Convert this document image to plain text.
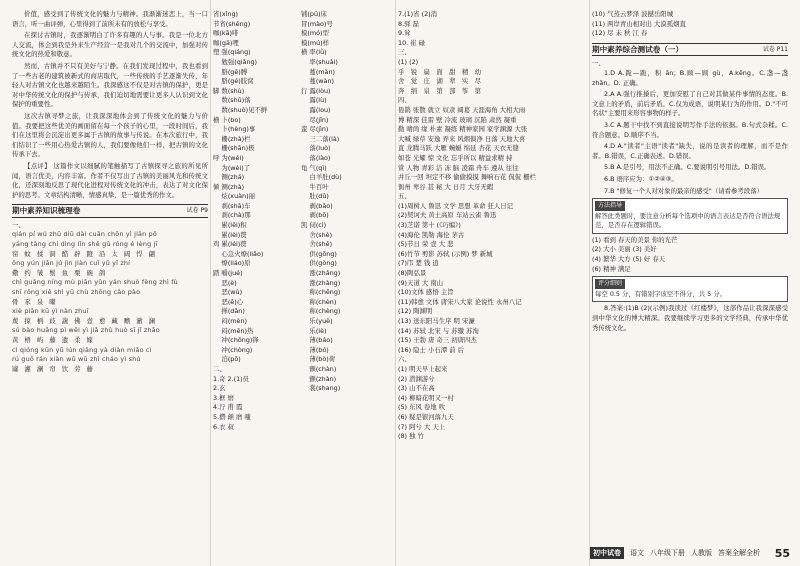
价值，感受到了传统文化的魅力与精神。我渐渐迷恋上，当一口语言，听一曲评弹，心里得到了前所未有的放松与享受。
在探讨古镇时，我逐渐明白了许多有趣的人与事。我是一位北方人交流，体会到我是外来生产经营一是我对几个的交流中，加强对传统文化的热爱和敬意。
然而，古镇并不只有美好与宁静。在我们发现过程中，我也看到了一些古老的建筑被新式的商店取代，一些传统的手艺逐渐失传，年轻人对古镇文化也越来越陌生。我深感这不仅是对古镇的保护，更是对中华传统文化的保护与传承，我们迫切地需要让更多人认识到文化保护的重要性。
这次古镇寻梦之旅，让我深深地体会到了传统文化的魅力与价值。我要把这些优美的画面留在每一个孩子的心里，一段时间后，我们在这里将会沉淀出更多属于古镇的故事与传说。在本次旅行中，我们结识了一些用心热爱古镇的人，我们要像他们一样，把古镇的文化传承下去。
【点评】 这篇作文以细腻的笔触描写了古镇探寻之旅的所见所闻，语言优美，内容丰富。作者不仅写出了古镇的美丽风光和传统文化，还深刻地反思了现代化进程对传统文化的冲击，表达了对文化保护的思考。文章结构清晰，情感真挚，是一篇优秀的作文。
期中素养知识梳理卷	试卷 P9
一、
qián pí wú zhū diū dài cuān chōn yì jiān pō
yáng tāng chí dìng lǐn shě gǔ róng é lèng jī
窑 蚊 揉 洞 酷 辟 蹬 沿 太 阔 悍 翩
ǒng yún jiān jú jìn jiàn cuī yǔ yǐ zhí
儆 约 皱 鬃 鱼 栗 碗 鸽
chì guǎng níng mù piān yǔn yán shuò fèng zhì fù
shī rǒng xiě shì yǔ chù zhōng cǎo pào
骨 豕 泉 曜
xiè piān kū yì nàn zhuī
蔑 掠 柄 歧 蔬 佛 壹 愈 藏 赡 澈 澜
sú bào huāng pì wěi yì jiǎ zhù huò sī jǐ zhāo
黄 梧 屿 藤 遗 柔 嫁
cì qióng kūn yū lún qiāng yà diàn miǎo cì
rú guǒ rán xiàn wǔ wǔ zhì cháo yì shú
窿 灌 澜 帘 饮 劳 藤
省(xǐng)
节省(shěng)
咖(kā)啡
咖(gā)哩
塑 强(qiáng)
　 勉强(qiǎng)
　 胳(gē)膊
　 胳(gé)肢窝
脚 数(shù)
　 数(shǔ)落
　 数(shuò)见不鲜
横 卜(bo)
　 卜(hèng)事
　 栅(zhà)栏
　 栅(shān)极
呼 为(wéi)
　 为(wèi)了
　 铡(zhá)
倾 铡(zhà)
　 炫(xuàn)丽
　 刹(shā)车
　 刹(chà)那
　 累(lěi)积
　 累(lèi)赘
鸡 累(léi)赘
　 心急火燎(liǎo)
　 燎(liáo)原
踏 嚼(jué)
　 恶(è)
　 恶(wù)
　 恶(ě)心
　 掸(dǎn)
　 闷(mèn)
　 闷(mēn)热
　 冲(chōng)锋
　 冲(chòng)
　 泊(pō)
二、
1.奇 2.(1)员
2.玄
3.框 磨
4.泞 甫 霞
5.攒 颠 磨 嗤
6.衣 叔
铺(pū)床
冒(mào)号
模(mó)型
模(mú)样
横 率(lǜ)
　 率(shuài)
　 蔓(màn)
　 蔓(wàn)
行 露(lòu)
　 露(lù)
　 露(lou)
　 尽(jǐn)
蛮 尽(jìn)
　 三二落(là)
　 落(luò)
　 落(lào)
龟 气(qì)
　 白羊肚(dù)
　 牛百叶
　 肚(dǔ)
　 剥(bāo)
　 剥(bō)
凯 伺(cì)
　 舍(shè)
　 舍(shě)
　 供(gōng)
　 供(gòng)
　 涨(zhǎng)
　 涨(zhàng)
　 称(chēng)
　 称(chèn)
　 称(chèng)
　 乐(yuè)
　 乐(lè)
　 薄(báo)
　 薄(bó)
　 薄(bò)荷
　 颤(chàn)
　 颤(zhàn)
　 裳(shang)
7.(1)省 (2)消
8.驿 磊
9.耸
10. 崔 碌
三、
(1) (2)
乎　锐　扁　面　甜　精　幼
舍　觉　庄　湖　辈　实　尽
奔　绢　泉　第　部　筝　第
四、
倦鹊 张散 就立 奴隶 阔葛 天涯海角 大相大雨
博 精深 佳雷 壁 冷流 玻璃 沉陷 肃然 凝重
勤 晴尚 缘 朴素 凝练 精神家园 家学渊源 大张
大喊 绿草 安逸 弄来 风烟俱净 日落 天地大喜
直 龙腾马跃 大雁 蜿蜒 绵延 杏花 天衣无缝
如苍 光耀 惊 文化 忘乎所以 精益求精 持
赏 人物 青彩 洁 冻 脑 凌霜 舟车 遵从 往往
并丘一回 坦定不移 偷偷摸摸 舞响石花 侃侃 栅栏
衙州 卑谷 甚 秘 大 日月 大牙无暇
五、
(1)周树人 鲁迅 文学 思想 革命 狂人日记
(2)契诃夫 黄土高原 车站云雀 鲁迅
(3)芝诺 第十 (《巧编》)
(4)海伦 凯勒 海伦 茅古
(5)节日 荣 壹 大 悲
(6)竹节 剪影 苏轼 (示例) 梦 新城
(7)邝 楚 钱 逍
(8)陶弘景
(9)天道 大 南山
(10)文体 感悟 主旨
(11)韩愈 文体 唐宋八大家 论说性 永州八记
(12) 陶渊明
(13) 送东阳马生序 明 宋濂
(14) 苏轼 北宋 与 苏辙 苏洵
(15) 王勃 唐 奇三 初唐四杰
(16) 隐士 小石潭 前 后
六、
(1) 明天早上起来
(2) 潜渊游兮
(3) 山不在高
(4) 柳暗花明又一村
(5) 东风 卷地 吹
(6) 疑是银河落九天
(7) 阿兮 大 天上
(8) 独 竹
(10) 气蒸云梦泽 波撼岳阳城
(11) 两岸青山相对出 大漠孤烟直
(12) 尽 未 秋 江 春
期中素养综合测试卷（一）	试卷 P11
一、
1.D A.跪—跪，积 ān；B.顾—顾 gù，A.kēng。C.盏—盏 zhǎn。D. 正确。
2.A A.强行推搡后，更加安慰了自己对其做某件事情的态度。B.文意上的矛盾，前后矛盾。C.仅为成语，说明某行为的作用。D."不可名状"主要用来形容事物的样子。
3.C A.题干中找不到直接说明写作手法的依据。B.句式杂糅。C.符合题意。D.顺序不当。
4.D A."读者"主语"读者"缺失，说的是读者的理解，而不是作者。B.错误，C.正确表述。D.错误。
5.B A.是引号，用法不正确。C.要说明引号用法。D.错误。
6.B 语序应为：①②④③。
7.B "修复一个人对对象的最亲的感受"（请看参考段落）
方法指导
解答此类题时，要注意分析每个选项中的语言表达是否符合语法规范，是否存在逻辑错误。
(1) 看到 春天的美景 你的光芒
(2) 大小 美丽 (3) 美好
(4) 繁华 大方 (5) 好 春天
(6) 精神 满足
评分细则
每空 0.5 分，有错别字该空不得分，共 5 分。
8.答案:(1)B (2)(示例)我读过《红楼梦》，这部作品让我深深感受到中华文化的博大精深。我要继续学习更多的文学经典，传承中华优秀传统文化。
初中试卷	语文 八年级下册 人教版 答案全解全析 55
